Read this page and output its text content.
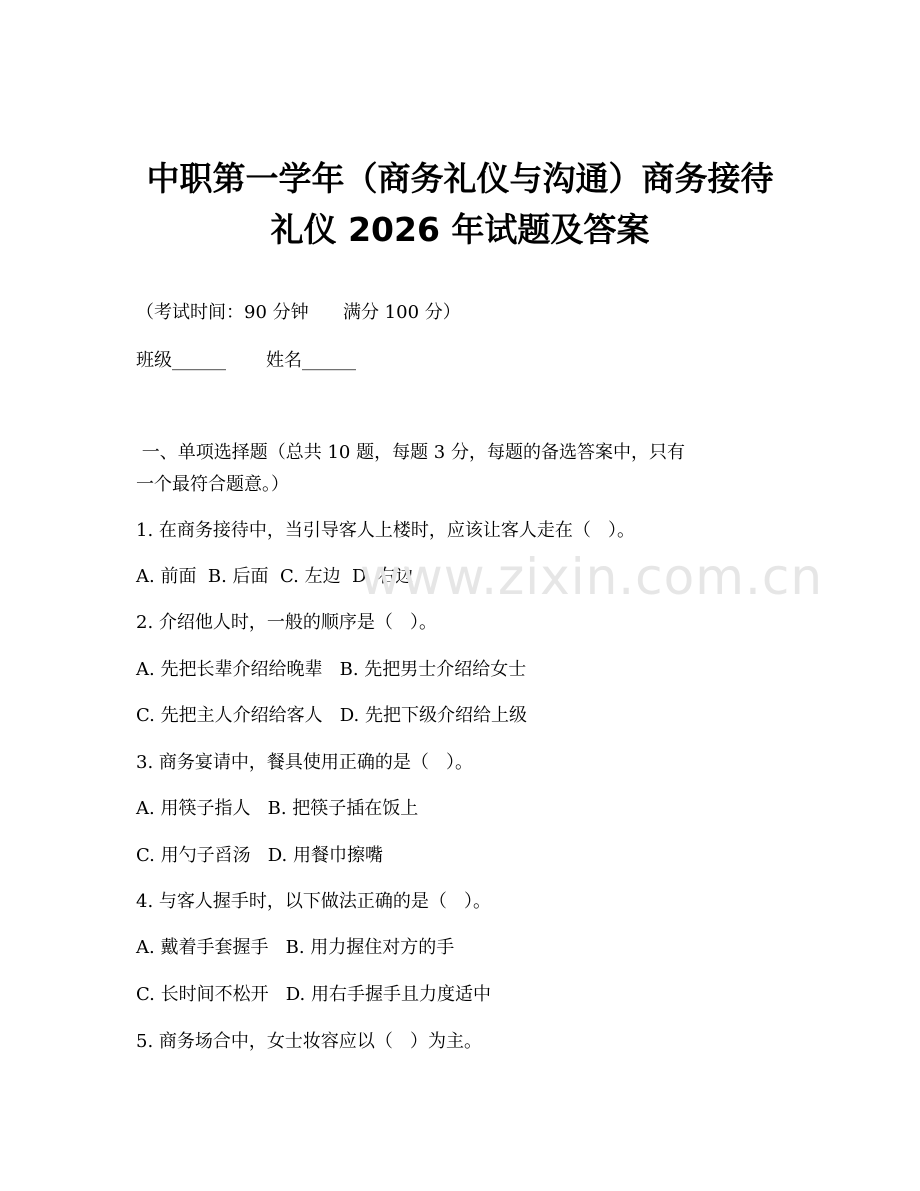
中职第一学年（商务礼仪与沟通）商务接待
礼仪 2026 年试题及答案
（考试时间：90 分钟      满分 100 分）
班级______       姓名______
一、单项选择题（总共 10 题，每题 3 分，每题的备选答案中，只有
一个最符合题意。）
1. 在商务接待中，当引导客人上楼时，应该让客人走在（   ）。
A. 前面  B. 后面  C. 左边  D. 右边
2. 介绍他人时，一般的顺序是（   ）。
A. 先把长辈介绍给晚辈   B. 先把男士介绍给女士
C. 先把主人介绍给客人   D. 先把下级介绍给上级
3. 商务宴请中，餐具使用正确的是（   ）。
A. 用筷子指人   B. 把筷子插在饭上
C. 用勺子舀汤   D. 用餐巾擦嘴
4. 与客人握手时，以下做法正确的是（   ）。
A. 戴着手套握手   B. 用力握住对方的手
C. 长时间不松开   D. 用右手握手且力度适中
5. 商务场合中，女士妆容应以（   ）为主。
www.zixin.com.cn
